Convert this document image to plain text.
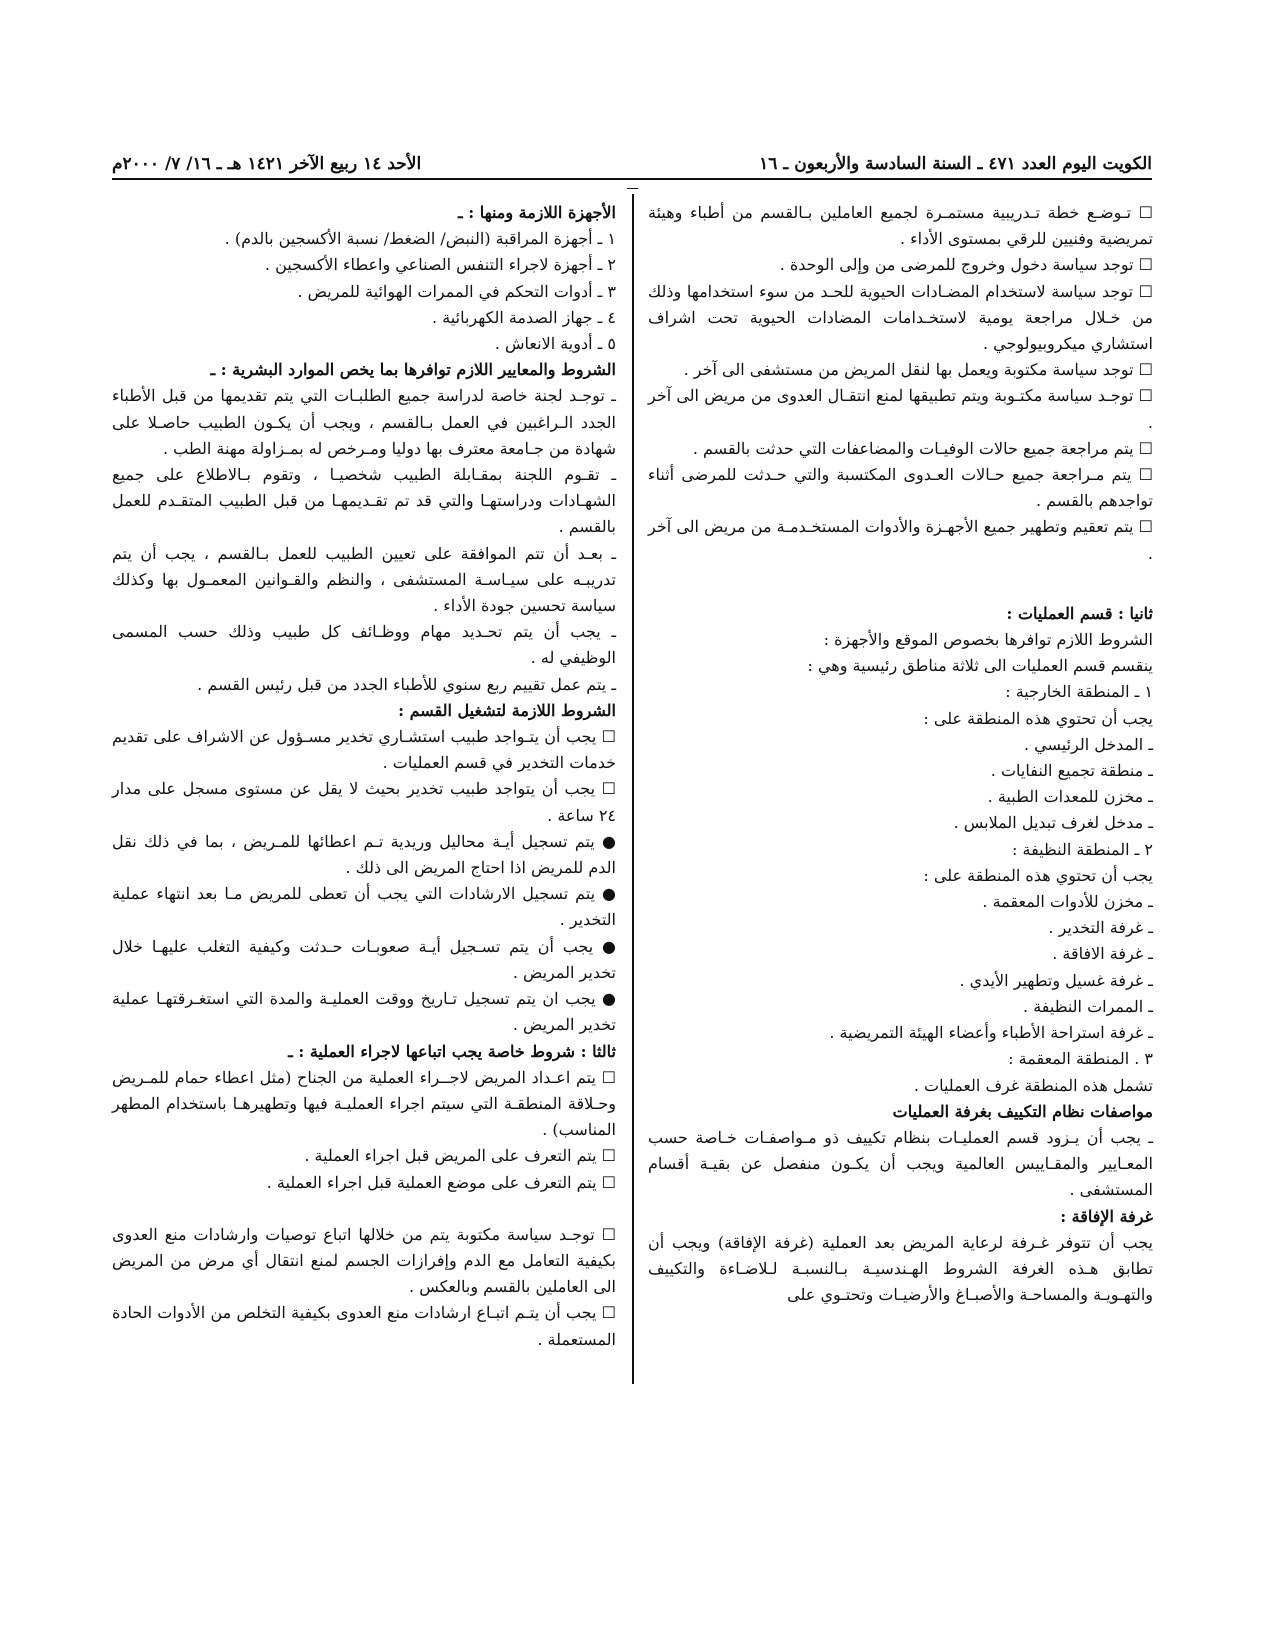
الكويت اليوم العدد ٤٧١ ـ السنة السادسة والأربعون ـ ١٦
الأحد ١٤ ربيع الآخر ١٤٢١ هـ ـ ١٦/ ٧/ ٢٠٠٠م

☐ تـوضـع خطة تـدريبية مستمـرة لجميع العاملين بـالقسم من أطباء وهيئة تمريضية وفنيين للرقي بمستوى الأداء .

☐ توجد سياسة دخول وخروج للمرضى من وإلى الوحدة .

☐ توجد سياسة لاستخدام المضـادات الحيوية للحـد من سوء استخدامها وذلك من خـلال مراجعة يومية لاستخـدامات المضادات الحيوية تحت اشراف استشاري ميكروبيولوجي .

☐ توجد سياسة مكتوبة ويعمل بها لنقل المريض من مستشفى الى آخر .

☐ توجـد سياسة مكتـوبة ويتم تطبيقها لمنع انتقـال العدوى من مريض الى آخر .

☐ يتم مراجعة جميع حالات الوفيـات والمضاعفات التي حدثت بالقسم .

☐ يتم مـراجعة جميع حـالات العـدوى المكتسبة والتي حـدثت للمرضى أثناء تواجدهم بالقسم .

☐ يتم تعقيم وتطهير جميع الأجهـزة والأدوات المستخـدمـة من مريض الى آخر .

ثانيا : قسم العمليات :

الشروط اللازم توافرها بخصوص الموقع والأجهزة :

ينقسم قسم العمليات الى ثلاثة مناطق رئيسية وهي :

١ ـ المنطقة الخارجية :

يجب أن تحتوي هذه المنطقة على :

ـ المدخل الرئيسي .

ـ منطقة تجميع النفايات .

ـ مخزن للمعدات الطبية .

ـ مدخل لغرف تبديل الملابس .

٢ ـ المنطقة النظيفة :

يجب أن تحتوي هذه المنطقة على :

ـ مخزن للأدوات المعقمة .

ـ غرفة التخدير .

ـ غرفة الافاقة .

ـ غرفة غسيل وتطهير الأيدي .

ـ الممرات النظيفة .

ـ غرفة استراحة الأطباء وأعضاء الهيئة التمريضية .

٣ . المنطقة المعقمة :

تشمل هذه المنطقة غرف العمليات .

مواصفات نظام التكييف بغرفة العمليات

ـ يجب أن يـزود قسم العمليـات بنظام تكييف ذو مـواصفـات خـاصة حسب المعـايير والمقـاييس العالمية ويجب أن يكـون منفصل عن بقيـة أقسام المستشفى .

غرفة الإفاقة :

يجب أن تتوفر غـرفة لرعاية المريض بعد العملية (غرفة الإفاقة) ويجب أن تطابق هـذه الغرفة الشروط الهـندسيـة بـالنسبـة لـلاضـاءة والتكييف والتهـويـة والمساحـة والأصبـاغ والأرضيـات وتحتـوي على

الأجهزة اللازمة ومنها : ـ

١ ـ أجهزة المراقبة (النبض/ الضغط/ نسبة الأكسجين بالدم) .

٢ ـ أجهزة لاجراء التنفس الصناعي واعطاء الأكسجين .

٣ ـ أدوات التحكم في الممرات الهوائية للمريض .

٤ ـ جهاز الصدمة الكهربائية .

٥ ـ أدوية الانعاش .

الشروط والمعايير اللازم توافرها بما يخص الموارد البشرية : ـ

ـ توجـد لجنة خاصة لدراسة جميع الطلبـات التي يتم تقديمها من قبل الأطباء الجدد الـراغبين في العمل بـالقسم ، ويجب أن يكـون الطبيب حاصـلا على شهادة من جـامعة معترف بها دوليا ومـرخص له بمـزاولة مهنة الطب .

ـ تقـوم اللجنة بمقـابلة الطبيب شخصيـا ، وتقوم بـالاطلاع على جميع الشهـادات ودراستهـا والتي قد تم تقـديمهـا من قبل الطبيب المتقـدم للعمل بالقسم .

ـ بعـد أن تتم الموافقة على تعيين الطبيب للعمل بـالقسم ، يجب أن يتم تدريبـه على سيـاسـة المستشفى ، والنظم والقـوانين المعمـول بها وكذلك سياسة تحسين جودة الأداء .

ـ يجب أن يتم تحـديد مهام ووظـائف كل طبيب وذلك حسب المسمى الوظيفي له .

ـ يتم عمل تقييم ربع سنوي للأطباء الجدد من قبل رئيس القسم .

الشروط اللازمة لتشغيل القسم :

☐ يجب أن يتـواجد طبيب استشـاري تخدير مسـؤول عن الاشراف على تقديم خدمات التخدير في قسم العمليات .

☐ يجب أن يتواجد طبيب تخدير بحيث لا يقل عن مستوى مسجل على مدار ٢٤ ساعة .

● يتم تسجيل أيـة محاليل وريدية تـم اعطائها للمـريض ، بما في ذلك نقل الدم للمريض اذا احتاج المريض الى ذلك .

● يتم تسجيل الارشادات التي يجب أن تعطى للمريض مـا بعد انتهاء عملية التخدير .

● يجب أن يتم تسـجيل أيـة صعوبـات حـدثت وكيفية التغلب عليهـا خلال تخدير المريض .

● يجب ان يتم تسجيل تـاريخ ووقت العمليـة والمدة التي استغـرقتهـا عملية تخدير المريض .

ثالثا : شروط خاصة يجب اتباعها لاجراء العملية : ـ

☐ يتم اعـداد المريض لاجــراء العملية من الجناح (مثل اعطاء حمام للمـريض وحـلاقة المنطقـة التي سيتم اجراء العمليـة فيها وتطهيرهـا باستخدام المطهر المناسب) .

☐ يتم التعرف على المريض قبل اجراء العملية .

☐ يتم التعرف على موضع العملية قبل اجراء العملية .

☐ توجـد سياسة مكتوبة يتم من خلالها اتباع توصيات وارشادات منع العدوى بكيفية التعامل مع الدم وإفرازات الجسم لمنع انتقال أي مرض من المريض الى العاملين بالقسم وبالعكس .

☐ يجب أن يتـم اتبـاع ارشادات منع العدوى بكيفية التخلص من الأدوات الحادة المستعملة .
